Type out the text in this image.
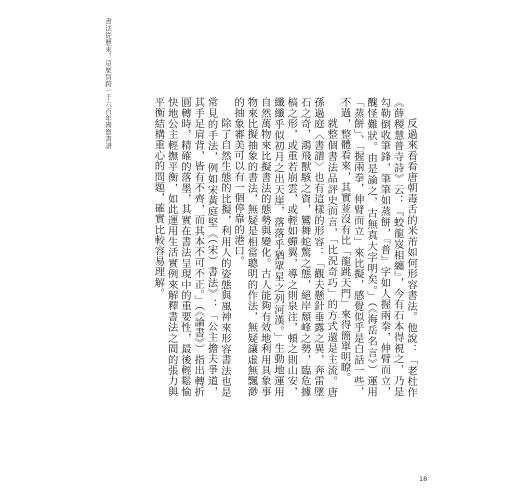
書法從歷來！這麼寫跨一千六百年國寶書譜

反過來看看唐朝毒舌的米芾如何形容書法。他說：「老杜作《薛稷慧普寺詩》云：『蛟龍岌相纏』，今有石本得視之，乃是勾勒倒收筆鋒，筆筆如蒸餅，『普』字如人握兩拳，伸臂而立，醜怪難狀。由是論之，古無真大字明矣。」（《海岳名言》）運用「蒸餅」、「握兩拳，伸臂而立」來比擬，感覺似乎是白話一些，不過，整體看來，其實並沒有比「龍跳天門」來得簡單明瞭。

就整個書法品評史而言，「比況奇巧」的方式還是主流。唐孫過庭〈書譜〉也有這樣的形容：「觀夫懸針垂露之異，奔雷墜石之奇，鴻飛獸駭之資，鸞舞蛇驚之態，絕岸頹峰之勢，臨危據槁之形，或重若崩雲，或輕如蟬翼，導之則泉注，頓之則山安，纖纖乎似初月之出天崖，落落乎猶眾星之列河漢。」生動地運用自然萬物來比擬書法的態勢與變化。古人能夠有效地利用具象事物來比擬抽象的書法，無疑是相當聰明的作法，無疑讓虛無飄渺的抽象審美可以有一個停靠的港口。

除了自然生態的比擬，利用人的姿態與風神來形容書法也是常見的手法，例如宋黃庭堅《（宋）書法》：「公主擔夫爭道，其手足肩背，皆有不齊，而其本不可不正。」（《論書》）指出轉折圓轉時，精確的落墨，其實在書法呈現中的重要性，最後輕鬆愉快地公主輕撫平衡，如此運用生活實例來解釋書法之間的張力與平衡結構重心的問題，確實比較容易理解。

18
